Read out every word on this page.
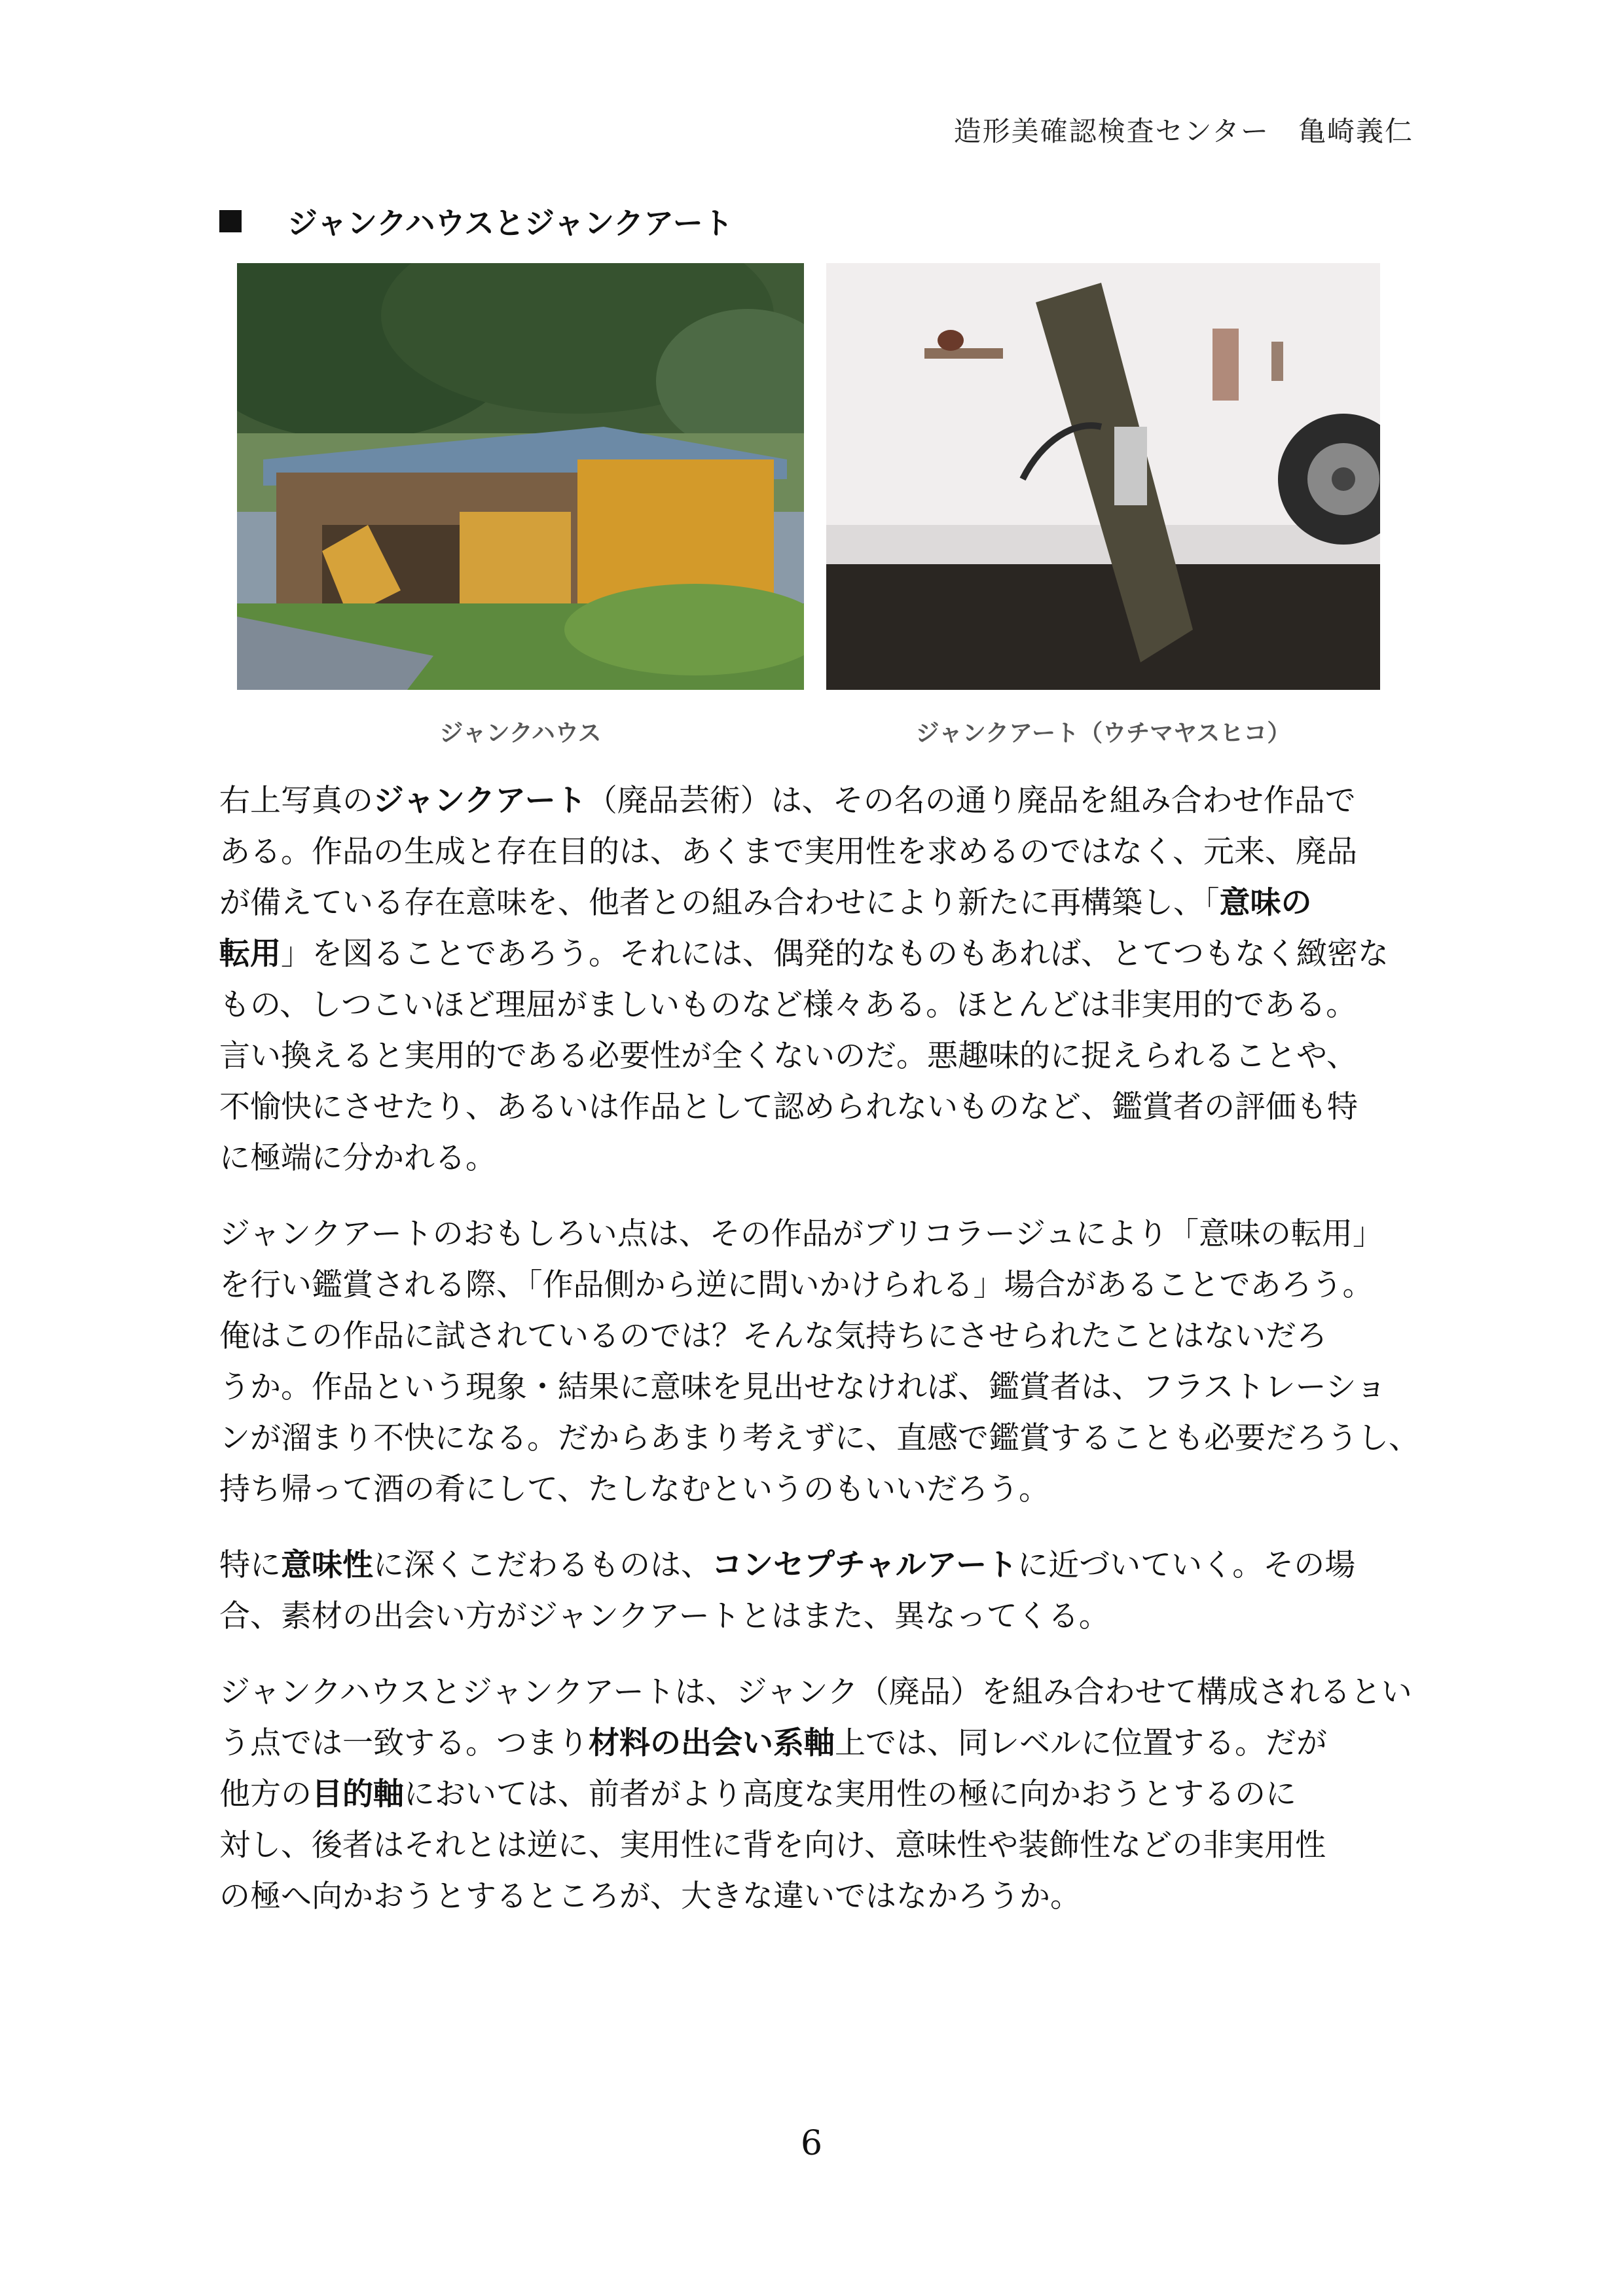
造形美確認検査センター　亀崎義仁
ジャンクハウスとジャンクアート
ジャンクハウス	ジャンクアート（ウチマヤスヒコ）
右上写真のジャンクアート（廃品芸術）は、その名の通り廃品を組み合わせ作品で
ある。作品の生成と存在目的は、あくまで実用性を求めるのではなく、元来、廃品
が備えている存在意味を、他者との組み合わせにより新たに再構築し、「意味の
転用」を図ることであろう。それには、偶発的なものもあれば、とてつもなく緻密な
もの、しつこいほど理屈がましいものなど様々ある。ほとんどは非実用的である。
言い換えると実用的である必要性が全くないのだ。悪趣味的に捉えられることや、
不愉快にさせたり、あるいは作品として認められないものなど、鑑賞者の評価も特
に極端に分かれる。
ジャンクアートのおもしろい点は、その作品がブリコラージュにより「意味の転用」
を行い鑑賞される際、「作品側から逆に問いかけられる」場合があることであろう。
俺はこの作品に試されているのでは？そんな気持ちにさせられたことはないだろ
うか。作品という現象・結果に意味を見出せなければ、鑑賞者は、フラストレーショ
ンが溜まり不快になる。だからあまり考えずに、直感で鑑賞することも必要だろうし、
持ち帰って酒の肴にして、たしなむというのもいいだろう。
特に意味性に深くこだわるものは、コンセプチャルアートに近づいていく。その場
合、素材の出会い方がジャンクアートとはまた、異なってくる。
ジャンクハウスとジャンクアートは、ジャンク（廃品）を組み合わせて構成されるとい
う点では一致する。つまり材料の出会い系軸上では、同レベルに位置する。だが
他方の目的軸においては、前者がより高度な実用性の極に向かおうとするのに
対し、後者はそれとは逆に、実用性に背を向け、意味性や装飾性などの非実用性
の極へ向かおうとするところが、大きな違いではなかろうか。
6
